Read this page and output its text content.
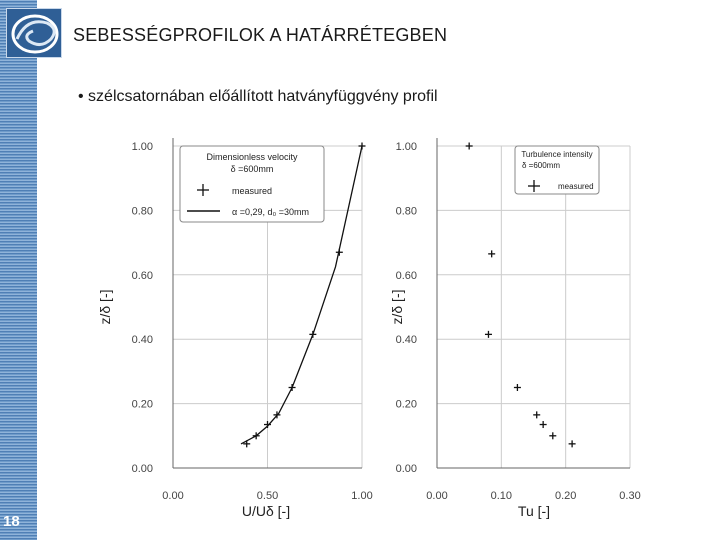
SEBESSÉGPROFILOK A HATÁRRÉTEGBEN
• szélcsatornában előállított hatványfüggvény profil
18
0.00
0.20
0.40
0.60
0.80
1.00
0.00	0.50	1.00
U/Uδ [-]
z/δ [-]
Dimensionless velocity
δ =600mm
measured
α =0,29, d₀ =30mm
0.00
0.20
0.40
0.60
0.80
1.00
0.00	0.10	0.20	0.30
Tu [-]
z/δ [-]
Turbulence intensity
δ =600mm
measured
